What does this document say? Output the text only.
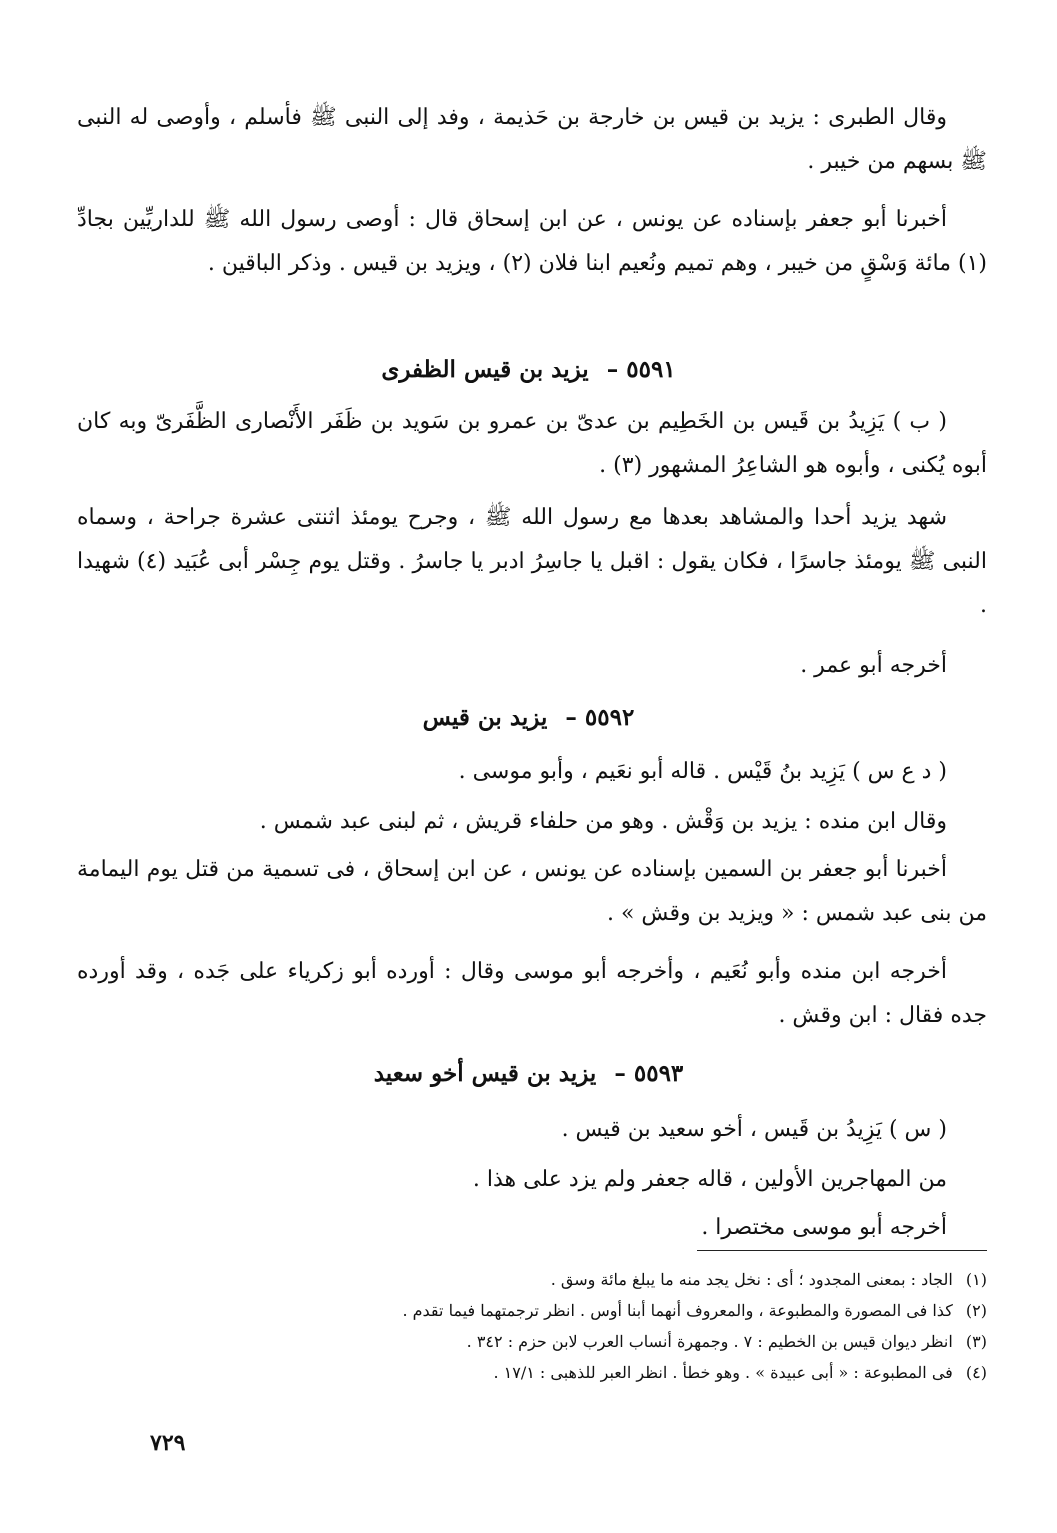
وقال الطبرى : يزيد بن قيس بن خارجة بن حَذيمة ، وفد إلى النبى ﷺ فأسلم ، وأوصى له النبى ﷺ بسهم من خيبر .

أخبرنا أبو جعفر بإسناده عن يونس ، عن ابن إسحاق قال : أوصى رسول الله ﷺ للداريِّين بجادِّ (١) مائة وَسْقٍ من خيبر ، وهم تميم ونُعيم ابنا فلان (٢) ، ويزيد بن قيس . وذكر الباقين .

٥٥٩١ – يزيد بن قيس الظفرى

( ب ) يَزِيدُ بن قَيس بن الخَطِيم بن عدىّ بن عمرو بن سَويد بن ظَفَر الأَنْصارى الظَّفَرىّ وبه كان أبوه يُكنى ، وأبوه هو الشاعِرُ المشهور (٣) .

شهد يزيد أحدا والمشاهد بعدها مع رسول الله ﷺ ، وجرح يومئذ اثنتى عشرة جراحة ، وسماه النبى ﷺ يومئذ جاسرًا ، فكان يقول : اقبل يا جاسِرُ ادبر يا جاسرُ . وقتل يوم جِسْر أبى عُبَيد (٤) شهيدا .

أخرجه أبو عمر .

٥٥٩٢ – يزيد بن قيس

( د ع س ) يَزِيد بنُ قَيْس . قاله أبو نعَيم ، وأبو موسى .

وقال ابن منده : يزيد بن وَقْش . وهو من حلفاء قريش ، ثم لبنى عبد شمس .

أخبرنا أبو جعفر بن السمين بإسناده عن يونس ، عن ابن إسحاق ، فى تسمية من قتل يوم اليمامة من بنى عبد شمس : « ويزيد بن وقش » .

أخرجه ابن منده وأبو نُعَيم ، وأخرجه أبو موسى وقال : أورده أبو زكرياء على جَده ، وقد أورده جده فقال : ابن وقش .

٥٥٩٣ – يزيد بن قيس أخو سعيد

( س ) يَزِيدُ بن قَيس ، أخو سعيد بن قيس .

من المهاجرين الأولين ، قاله جعفر ولم يزد على هذا .

أخرجه أبو موسى مختصرا .

(١) الجاد : بمعنى المجدود ؛ أى : نخل يجد منه ما يبلغ مائة وسق .
(٢) كذا فى المصورة والمطبوعة ، والمعروف أنهما أبنا أوس . انظر ترجمتهما فيما تقدم .
(٣) انظر ديوان قيس بن الخطيم : ٧ . وجمهرة أنساب العرب لابن حزم : ٣٤٢ .
(٤) فى المطبوعة : « أبى عبيدة » . وهو خطأ . انظر العبر للذهبى : ١٧/١ .
٧٢٩
